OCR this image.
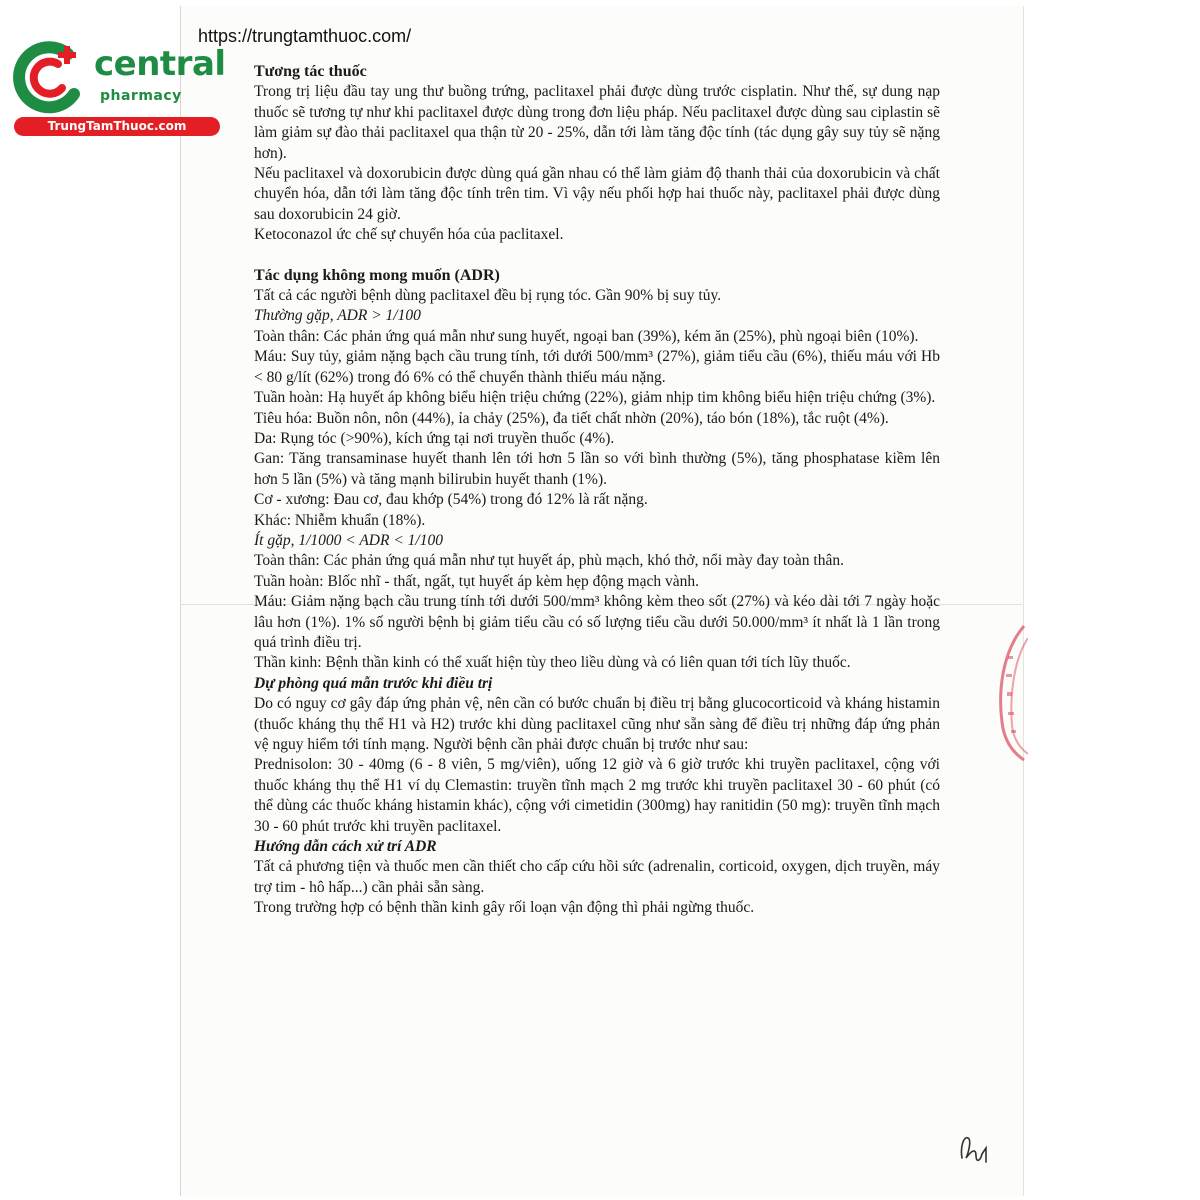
central
pharmacy
TrungTamThuoc.com
https://trungtamthuoc.com/

Tương tác thuốc

Trong trị liệu đầu tay ung thư buồng trứng, paclitaxel phải được dùng trước cisplatin. Như thế, sự dung nạp thuốc sẽ tương tự như khi paclitaxel được dùng trong đơn liệu pháp. Nếu paclitaxel được dùng sau ciplastin sẽ làm giảm sự đào thải paclitaxel qua thận từ 20 - 25%, dẫn tới làm tăng độc tính (tác dụng gây suy tủy sẽ nặng hơn).

Nếu paclitaxel và doxorubicin được dùng quá gần nhau có thể làm giảm độ thanh thải của doxorubicin và chất chuyển hóa, dẫn tới làm tăng độc tính trên tim. Vì vậy nếu phối hợp hai thuốc này, paclitaxel phải được dùng sau doxorubicin 24 giờ.

Ketoconazol ức chế sự chuyển hóa của paclitaxel.

Tác dụng không mong muốn (ADR)

Tất cả các người bệnh dùng paclitaxel đều bị rụng tóc. Gần 90% bị suy tủy.

Thường gặp, ADR > 1/100

Toàn thân: Các phản ứng quá mẫn như sung huyết, ngoại ban (39%), kém ăn (25%), phù ngoại biên (10%).

Máu: Suy tủy, giảm nặng bạch cầu trung tính, tới dưới 500/mm³ (27%), giảm tiểu cầu (6%), thiếu máu với Hb < 80 g/lít (62%) trong đó 6% có thể chuyển thành thiếu máu nặng.

Tuần hoàn: Hạ huyết áp không biểu hiện triệu chứng (22%), giảm nhịp tim không biểu hiện triệu chứng (3%).

Tiêu hóa: Buồn nôn, nôn (44%), ỉa chảy (25%), đa tiết chất nhờn (20%), táo bón (18%), tắc ruột (4%).

Da: Rụng tóc (>90%), kích ứng tại nơi truyền thuốc (4%).

Gan: Tăng transaminase huyết thanh lên tới hơn 5 lần so với bình thường (5%), tăng phosphatase kiềm lên hơn 5 lần (5%) và tăng mạnh bilirubin huyết thanh (1%).

Cơ - xương: Đau cơ, đau khớp (54%) trong đó 12% là rất nặng.

Khác: Nhiễm khuẩn (18%).

Ít gặp, 1/1000 < ADR < 1/100

Toàn thân: Các phản ứng quá mẫn như tụt huyết áp, phù mạch, khó thở, nổi mày đay toàn thân.

Tuần hoàn: Blốc nhĩ - thất, ngất, tụt huyết áp kèm hẹp động mạch vành.

Máu: Giảm nặng bạch cầu trung tính tới dưới 500/mm³ không kèm theo sốt (27%) và kéo dài tới 7 ngày hoặc lâu hơn (1%). 1% số người bệnh bị giảm tiểu cầu có số lượng tiểu cầu dưới 50.000/mm³ ít nhất là 1 lần trong quá trình điều trị.

Thần kinh: Bệnh thần kinh có thể xuất hiện tùy theo liều dùng và có liên quan tới tích lũy thuốc.

Dự phòng quá mẫn trước khi điều trị

Do có nguy cơ gây đáp ứng phản vệ, nên cần có bước chuẩn bị điều trị bằng glucocorticoid và kháng histamin (thuốc kháng thụ thể H1 và H2) trước khi dùng paclitaxel cũng như sẵn sàng để điều trị những đáp ứng phản vệ nguy hiểm tới tính mạng. Người bệnh cần phải được chuẩn bị trước như sau:

Prednisolon: 30 - 40mg (6 - 8 viên, 5 mg/viên), uống 12 giờ và 6 giờ trước khi truyền paclitaxel, cộng với thuốc kháng thụ thể H1 ví dụ Clemastin: truyền tĩnh mạch 2 mg trước khi truyền paclitaxel 30 - 60 phút (có thể dùng các thuốc kháng histamin khác), cộng với cimetidin (300mg) hay ranitidin (50 mg): truyền tĩnh mạch 30 - 60 phút trước khi truyền paclitaxel.

Hướng dẫn cách xử trí ADR

Tất cả phương tiện và thuốc men cần thiết cho cấp cứu hồi sức (adrenalin, corticoid, oxygen, dịch truyền, máy trợ tim - hô hấp...) cần phải sẵn sàng.

Trong trường hợp có bệnh thần kinh gây rối loạn vận động thì phải ngừng thuốc.
